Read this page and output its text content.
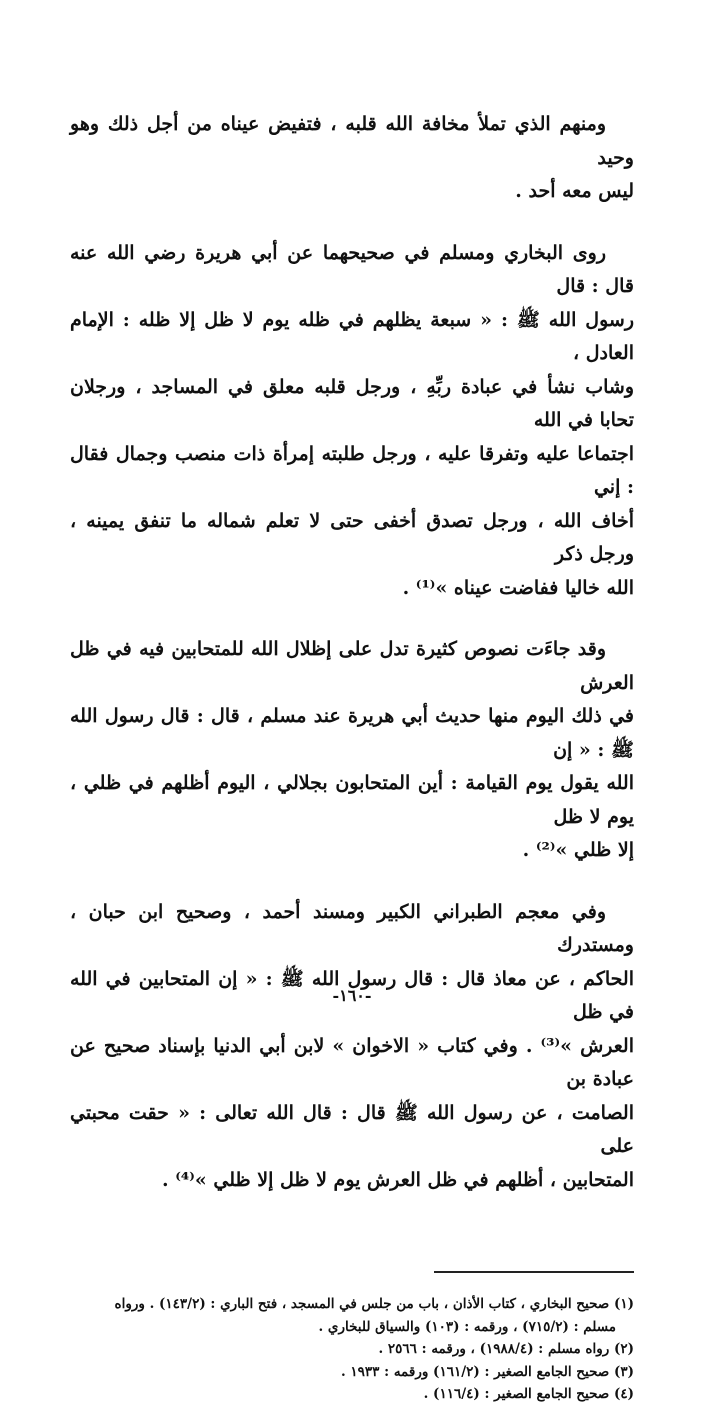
ومنهم الذي تملأ مخافة الله قلبه ، فتفيض عيناه من أجل ذلك وهو وحيد

ليس معه أحد .

روى البخاري ومسلم في صحيحهما عن أبي هريرة رضي الله عنه قال : قال

رسول الله ﷺ : « سبعة يظلهم في ظله يوم لا ظل إلا ظله : الإمام العادل ،

وشاب نشأ في عبادة ربِّهِ ، ورجل قلبه معلق في المساجد ، ورجلان تحابا في الله

اجتماعا عليه وتفرقا عليه ، ورجل طلبته إمرأة ذات منصب وجمال فقال : إني

أخاف الله ، ورجل تصدق أخفى حتى لا تعلم شماله ما تنفق يمينه ، ورجل ذكر

الله خاليا ففاضت عيناه »⁽¹⁾ .

وقد جاءَت نصوص كثيرة تدل على إظلال الله للمتحابين فيه في ظل العرش

في ذلك اليوم منها حديث أبي هريرة عند مسلم ، قال : قال رسول الله ﷺ : « إن

الله يقول يوم القيامة : أين المتحابون بجلالي ، اليوم أظلهم في ظلي ، يوم لا ظل

إلا ظلي »⁽²⁾ .

وفي معجم الطبراني الكبير ومسند أحمد ، وصحيح ابن حبان ، ومستدرك

الحاكم ، عن معاذ قال : قال رسول الله ﷺ : « إن المتحابين في الله في ظل

العرش »⁽³⁾ . وفي كتاب « الاخوان » لابن أبي الدنيا بإسناد صحيح عن عبادة بن

الصامت ، عن رسول الله ﷺ قال : قال الله تعالى : « حقت محبتي على

المتحابين ، أظلهم في ظل العرش يوم لا ظل إلا ظلي »⁽⁴⁾ .

(١) صحيح البخاري ، كتاب الأذان ، باب من جلس في المسجد ، فتح الباري : (١٤٣/٢) . ورواه

مسلم : (٧١٥/٢) ، ورقمه : (١٠٣) والسياق للبخاري .

(٢) رواه مسلم : (١٩٨٨/٤) ، ورقمه : ٢٥٦٦ .

(٣) صحيح الجامع الصغير : (١٦١/٢) ورقمه : ١٩٣٣ .

(٤) صحيح الجامع الصغير : (١١٦/٤) .

-١٦٠-
